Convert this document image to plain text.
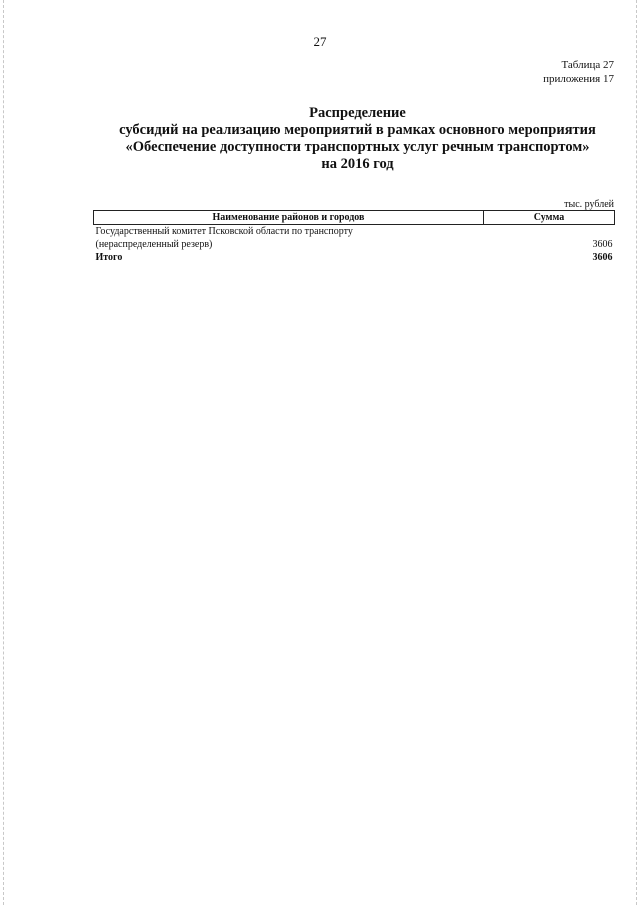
27
Таблица 27
приложения 17
Распределение
субсидий на реализацию мероприятий в рамках основного мероприятия
«Обеспечение доступности транспортных услуг речным транспортом»
на 2016 год
тыс. рублей
Наименование районов и городов	Сумма
Государственный комитет Псковской области по транспорту	
(нераспределенный резерв)	3606
Итого	3606
